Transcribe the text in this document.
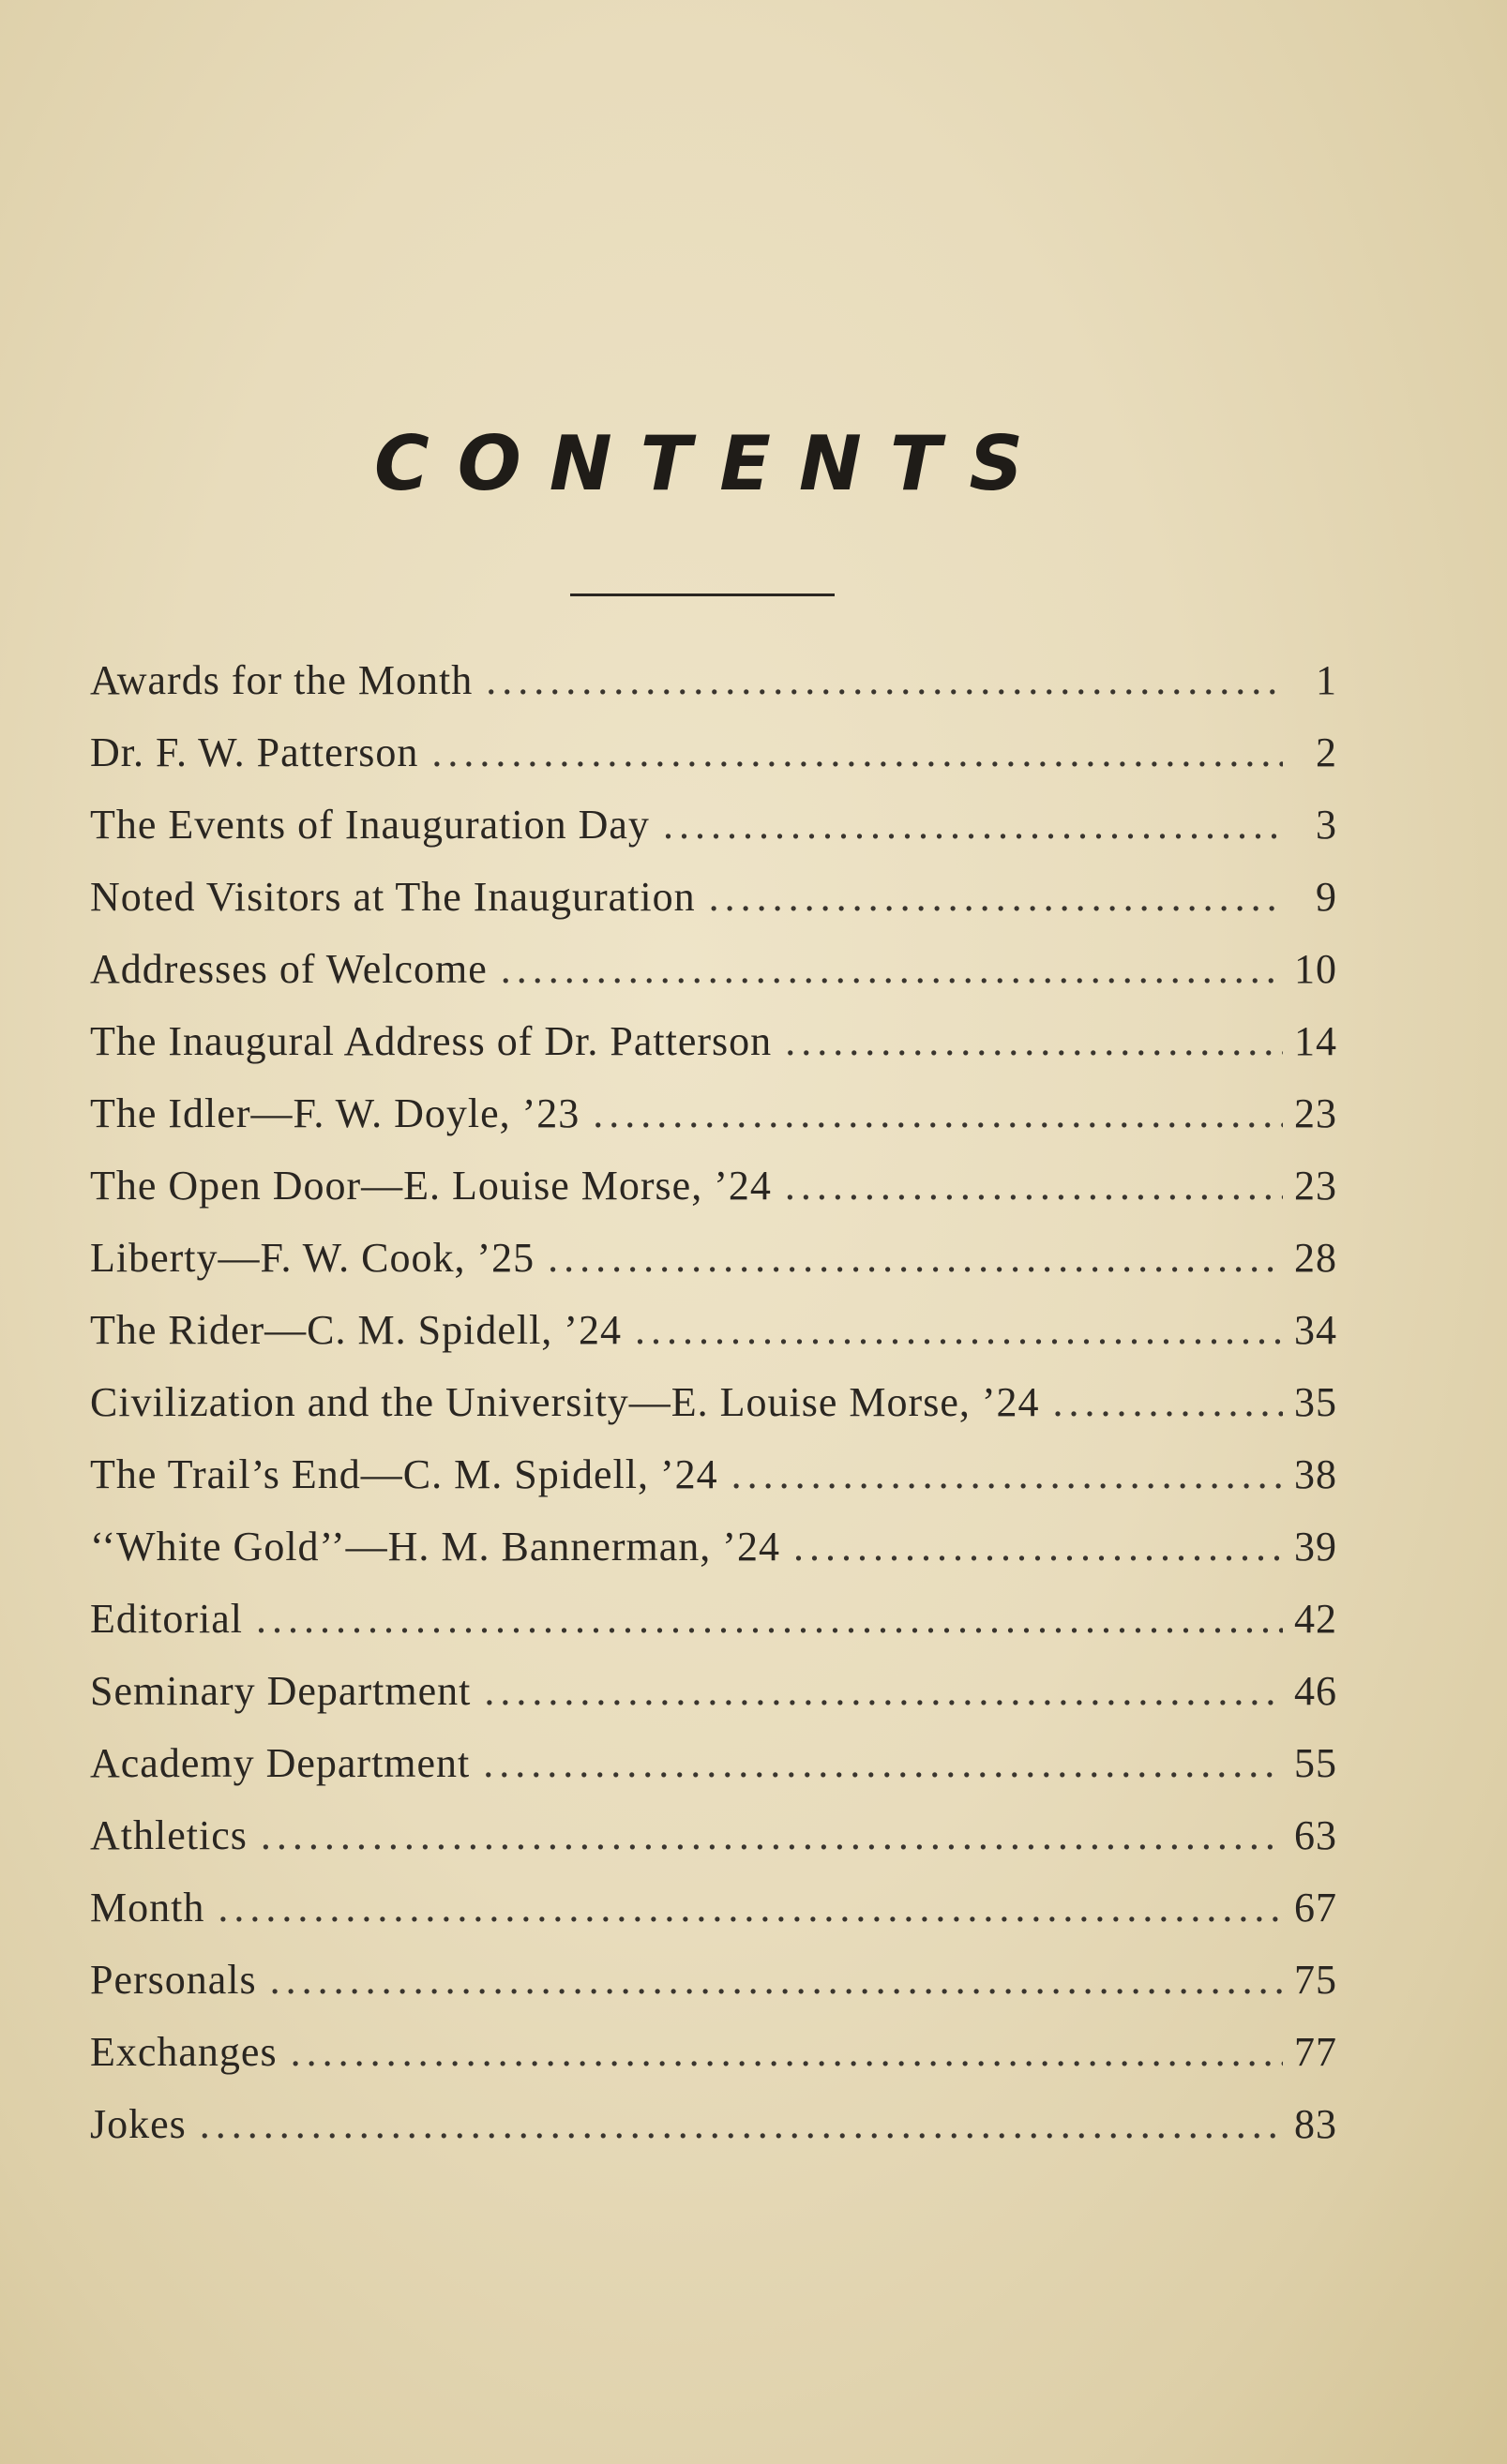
CONTENTS
Awards for the Month .....	1
Dr. F. W. Patterson .....	2
The Events of Inauguration Day .....	3
Noted Visitors at The Inauguration .....	9
Addresses of Welcome .....	10
The Inaugural Address of Dr. Patterson .....	14
The Idler—F. W. Doyle, ’23 .....	23
The Open Door—E. Louise Morse, ’24 .....	23
Liberty—F. W. Cook, ’25 .....	28
The Rider—C. M. Spidell, ’24 .....	34
Civilization and the University—E. Louise Morse, ’24 .....	35
The Trail’s End—C. M. Spidell, ’24 .....	38
‘‘White Gold’’—H. M. Bannerman, ’24 .....	39
Editorial .....	42
Seminary Department .....	46
Academy Department .....	55
Athletics .....	63
Month .....	67
Personals .....	75
Exchanges .....	77
Jokes .....	83
